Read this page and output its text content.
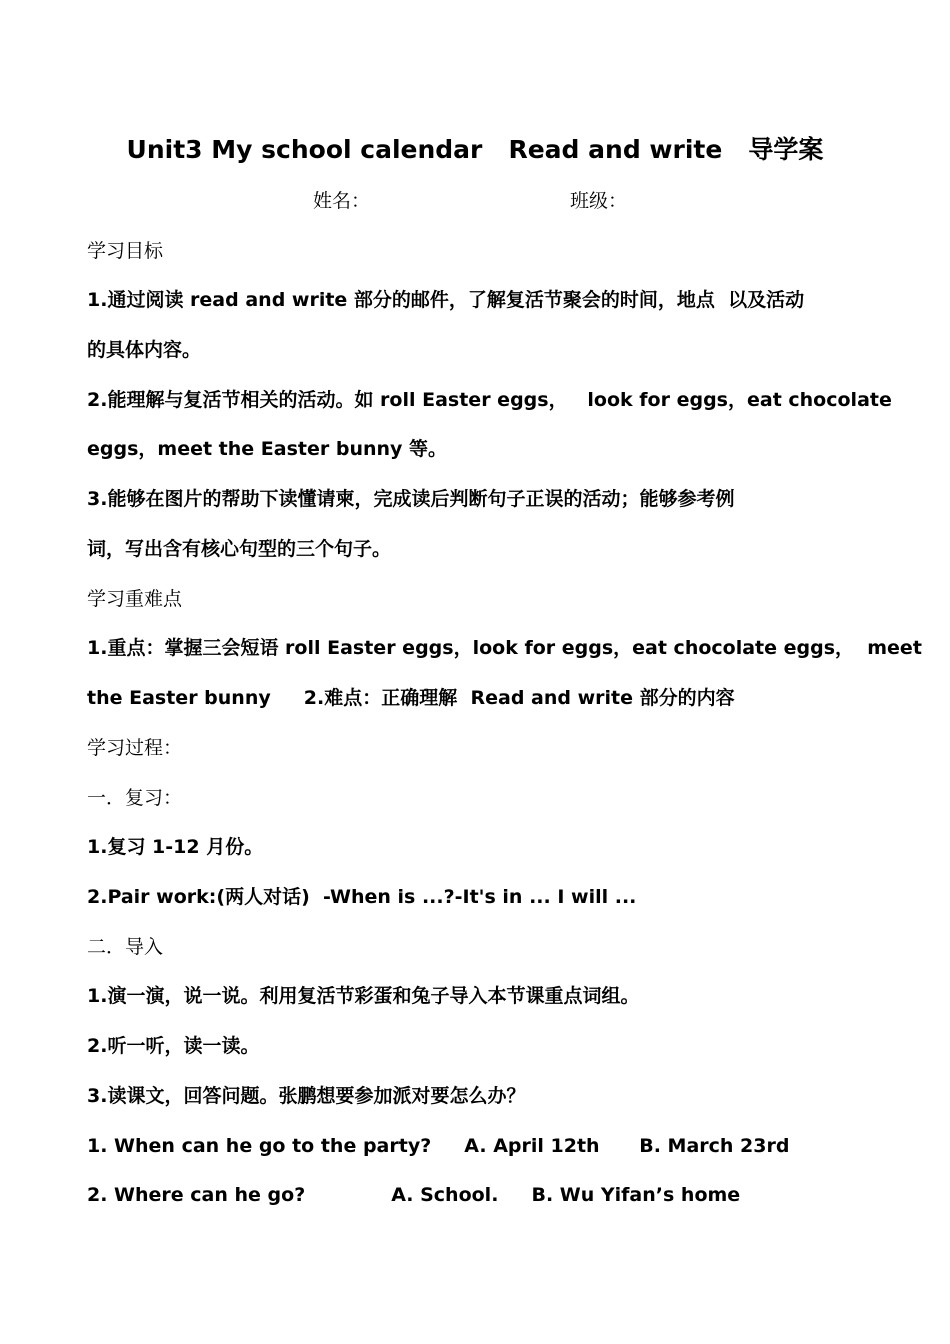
Unit3 My school calendar   Read and write   导学案
姓名：	班级：
学习目标
1.通过阅读 read and write 部分的邮件，了解复活节聚会的时间，地点  以及活动
的具体内容。
2.能理解与复活节相关的活动。如 roll Easter eggs，   look for eggs，eat chocolate
eggs，meet the Easter bunny 等。
3.能够在图片的帮助下读懂请柬，完成读后判断句子正误的活动；能够参考例
词，写出含有核心句型的三个句子。
学习重难点
1.重点：掌握三会短语 roll Easter eggs，look for eggs，eat chocolate eggs，  meet
the Easter bunny     2.难点：正确理解  Read and write 部分的内容
学习过程：
一．复习：
1.复习 1-12 月份。
2.Pair work:(两人对话)  -When is ...?-It's in ... I will ...
二．导入
1.演一演，说一说。利用复活节彩蛋和兔子导入本节课重点词组。
2.听一听，读一读。
3.读课文，回答问题。张鹏想要参加派对要怎么办？
1. When can he go to the party?     A. April 12th      B. March 23rd
2. Where can he go?             A. School.     B. Wu Yifan’s home
